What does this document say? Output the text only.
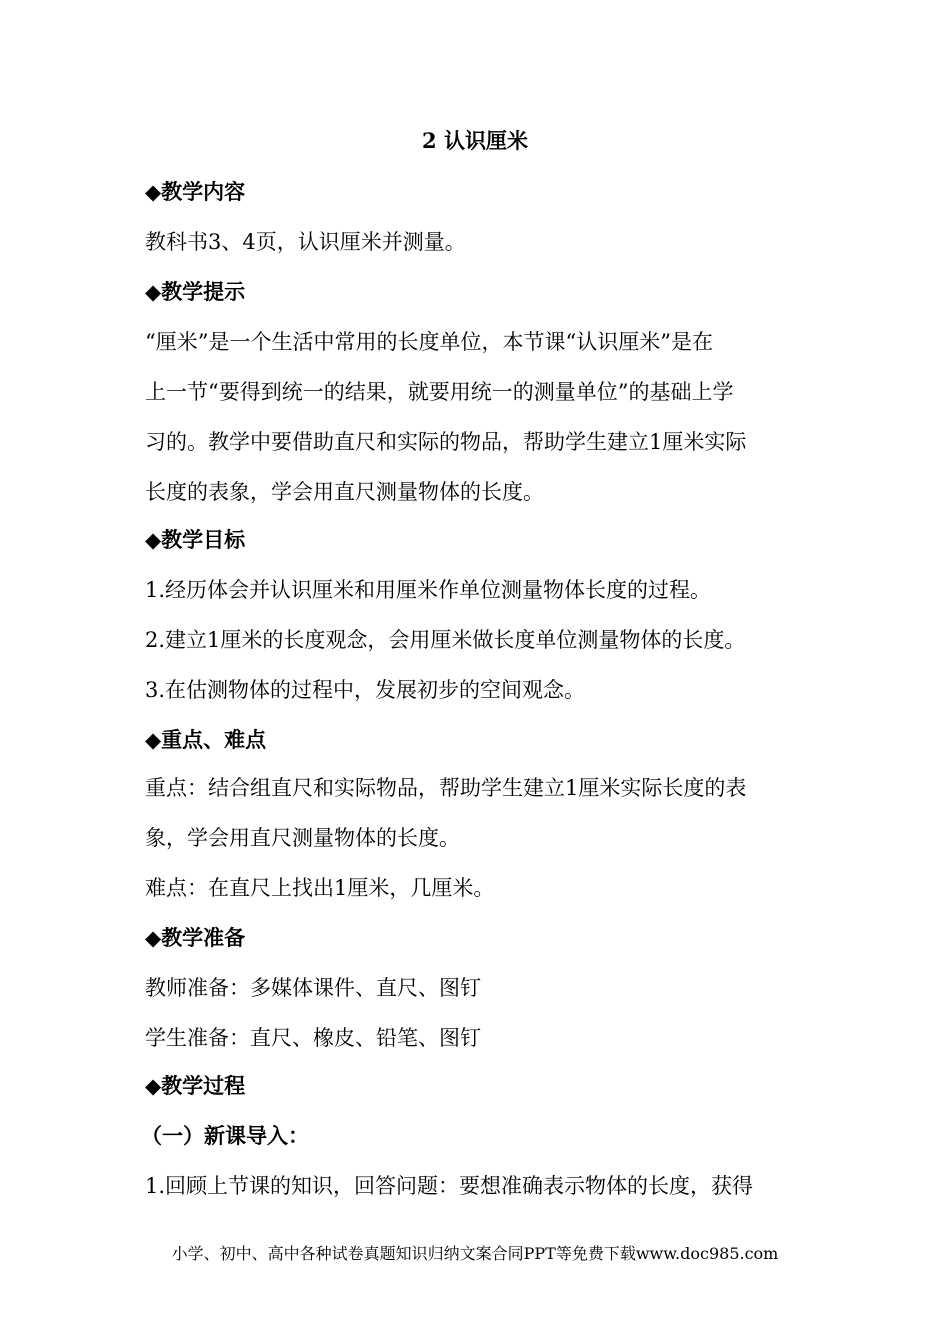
2 认识厘米
◆教学内容
教科书3、4页，认识厘米并测量。
◆教学提示
“厘米”是一个生活中常用的长度单位，本节课“认识厘米”是在
上一节“要得到统一的结果，就要用统一的测量单位”的基础上学
习的。教学中要借助直尺和实际的物品，帮助学生建立1厘米实际
长度的表象，学会用直尺测量物体的长度。
◆教学目标
1.经历体会并认识厘米和用厘米作单位测量物体长度的过程。
2.建立1厘米的长度观念，会用厘米做长度单位测量物体的长度。
3.在估测物体的过程中，发展初步的空间观念。
◆重点、难点
重点：结合组直尺和实际物品，帮助学生建立1厘米实际长度的表
象，学会用直尺测量物体的长度。
难点：在直尺上找出1厘米，几厘米。
◆教学准备
教师准备：多媒体课件、直尺、图钉
学生准备：直尺、橡皮、铅笔、图钉
◆教学过程
（一）新课导入：
1.回顾上节课的知识，回答问题：要想准确表示物体的长度，获得
小学、初中、高中各种试卷真题知识归纳文案合同PPT等免费下载www.doc985.com
